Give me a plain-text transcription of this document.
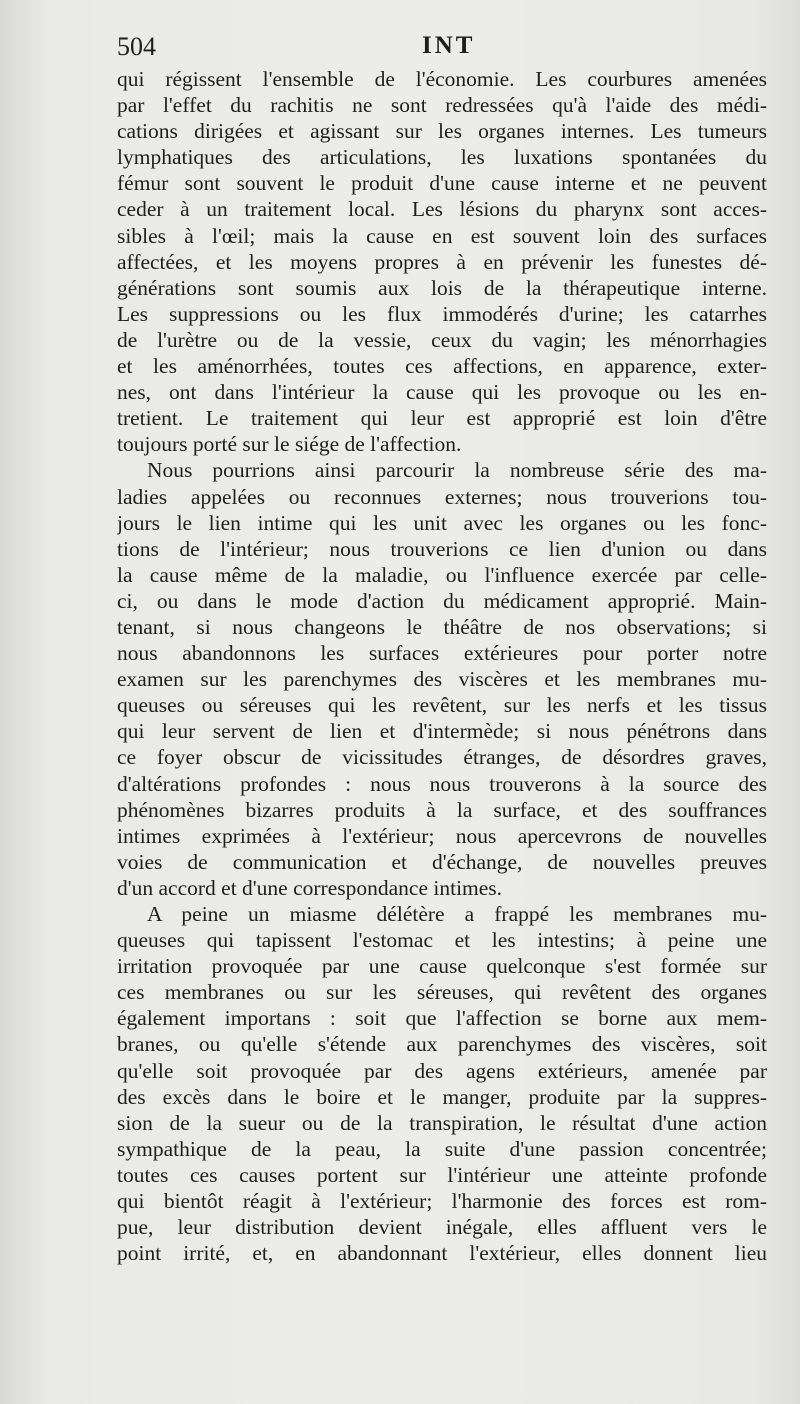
504	INT
qui régissent l'ensemble de l'économie. Les courbures amenées
par l'effet du rachitis ne sont redressées qu'à l'aide des médi-
cations dirigées et agissant sur les organes internes. Les tumeurs
lymphatiques des articulations, les luxations spontanées du
fémur sont souvent le produit d'une cause interne et ne peuvent
ceder à un traitement local. Les lésions du pharynx sont acces-
sibles à l'œil; mais la cause en est souvent loin des surfaces
affectées, et les moyens propres à en prévenir les funestes dé-
générations sont soumis aux lois de la thérapeutique interne.
Les suppressions ou les flux immodérés d'urine; les catarrhes
de l'urètre ou de la vessie, ceux du vagin; les ménorrhagies
et les aménorrhées, toutes ces affections, en apparence, exter-
nes, ont dans l'intérieur la cause qui les provoque ou les en-
tretient. Le traitement qui leur est approprié est loin d'être
toujours porté sur le siége de l'affection.
Nous pourrions ainsi parcourir la nombreuse série des ma-
ladies appelées ou reconnues externes; nous trouverions tou-
jours le lien intime qui les unit avec les organes ou les fonc-
tions de l'intérieur; nous trouverions ce lien d'union ou dans
la cause même de la maladie, ou l'influence exercée par celle-
ci, ou dans le mode d'action du médicament approprié. Main-
tenant, si nous changeons le théâtre de nos observations; si
nous abandonnons les surfaces extérieures pour porter notre
examen sur les parenchymes des viscères et les membranes mu-
queuses ou séreuses qui les revêtent, sur les nerfs et les tissus
qui leur servent de lien et d'intermède; si nous pénétrons dans
ce foyer obscur de vicissitudes étranges, de désordres graves,
d'altérations profondes : nous nous trouverons à la source des
phénomènes bizarres produits à la surface, et des souffrances
intimes exprimées à l'extérieur; nous apercevrons de nouvelles
voies de communication et d'échange, de nouvelles preuves
d'un accord et d'une correspondance intimes.
A peine un miasme délétère a frappé les membranes mu-
queuses qui tapissent l'estomac et les intestins; à peine une
irritation provoquée par une cause quelconque s'est formée sur
ces membranes ou sur les séreuses, qui revêtent des organes
également importans : soit que l'affection se borne aux mem-
branes, ou qu'elle s'étende aux parenchymes des viscères, soit
qu'elle soit provoquée par des agens extérieurs, amenée par
des excès dans le boire et le manger, produite par la suppres-
sion de la sueur ou de la transpiration, le résultat d'une action
sympathique de la peau, la suite d'une passion concentrée;
toutes ces causes portent sur l'intérieur une atteinte profonde
qui bientôt réagit à l'extérieur; l'harmonie des forces est rom-
pue, leur distribution devient inégale, elles affluent vers le
point irrité, et, en abandonnant l'extérieur, elles donnent lieu
